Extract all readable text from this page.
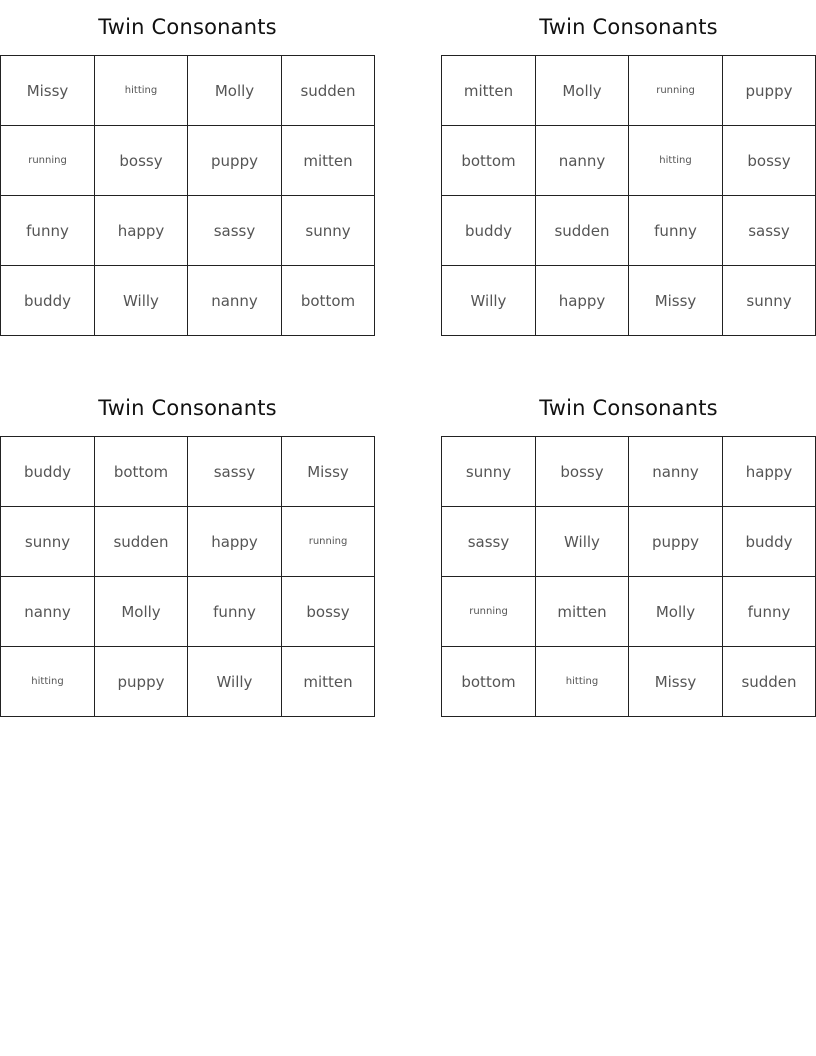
Twin Consonants
Missy	hitting	Molly	sudden
running	bossy	puppy	mitten
funny	happy	sassy	sunny
buddy	Willy	nanny	bottom
Twin Consonants
mitten	Molly	running	puppy
bottom	nanny	hitting	bossy
buddy	sudden	funny	sassy
Willy	happy	Missy	sunny
Twin Consonants
buddy	bottom	sassy	Missy
sunny	sudden	happy	running
nanny	Molly	funny	bossy
hitting	puppy	Willy	mitten
Twin Consonants
sunny	bossy	nanny	happy
sassy	Willy	puppy	buddy
running	mitten	Molly	funny
bottom	hitting	Missy	sudden
